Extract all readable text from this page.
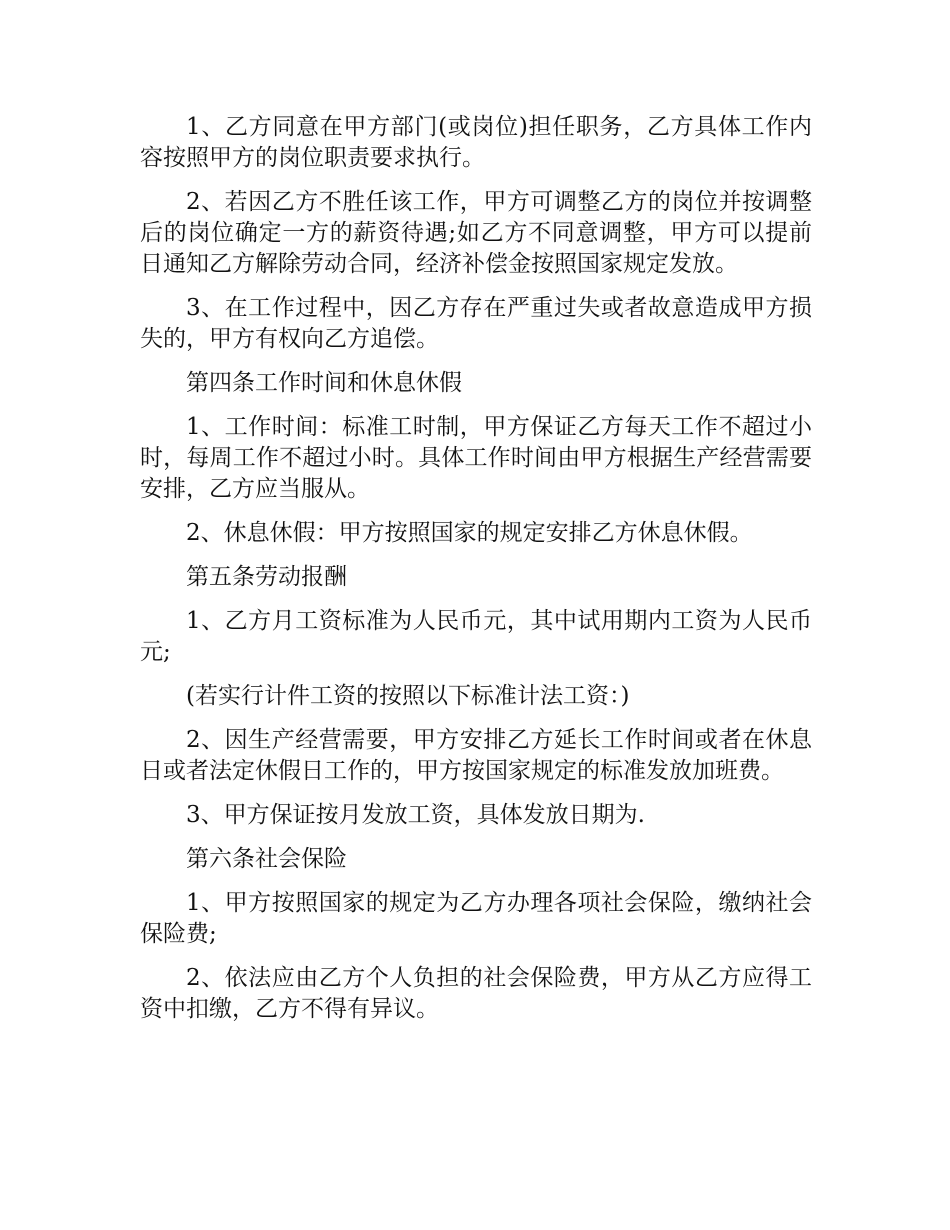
1、乙方同意在甲方部门(或岗位)担任职务，乙方具体工作内容按照甲方的岗位职责要求执行。

2、若因乙方不胜任该工作，甲方可调整乙方的岗位并按调整后的岗位确定一方的薪资待遇;如乙方不同意调整，甲方可以提前日通知乙方解除劳动合同，经济补偿金按照国家规定发放。

3、在工作过程中，因乙方存在严重过失或者故意造成甲方损失的，甲方有权向乙方追偿。

第四条工作时间和休息休假

1、工作时间：标准工时制，甲方保证乙方每天工作不超过小时，每周工作不超过小时。具体工作时间由甲方根据生产经营需要安排，乙方应当服从。

2、休息休假：甲方按照国家的规定安排乙方休息休假。

第五条劳动报酬

1、乙方月工资标准为人民币元，其中试用期内工资为人民币元;

(若实行计件工资的按照以下标准计法工资：)

2、因生产经营需要，甲方安排乙方延长工作时间或者在休息日或者法定休假日工作的，甲方按国家规定的标准发放加班费。

3、甲方保证按月发放工资，具体发放日期为.

第六条社会保险

1、甲方按照国家的规定为乙方办理各项社会保险，缴纳社会保险费;

2、依法应由乙方个人负担的社会保险费，甲方从乙方应得工资中扣缴，乙方不得有异议。
